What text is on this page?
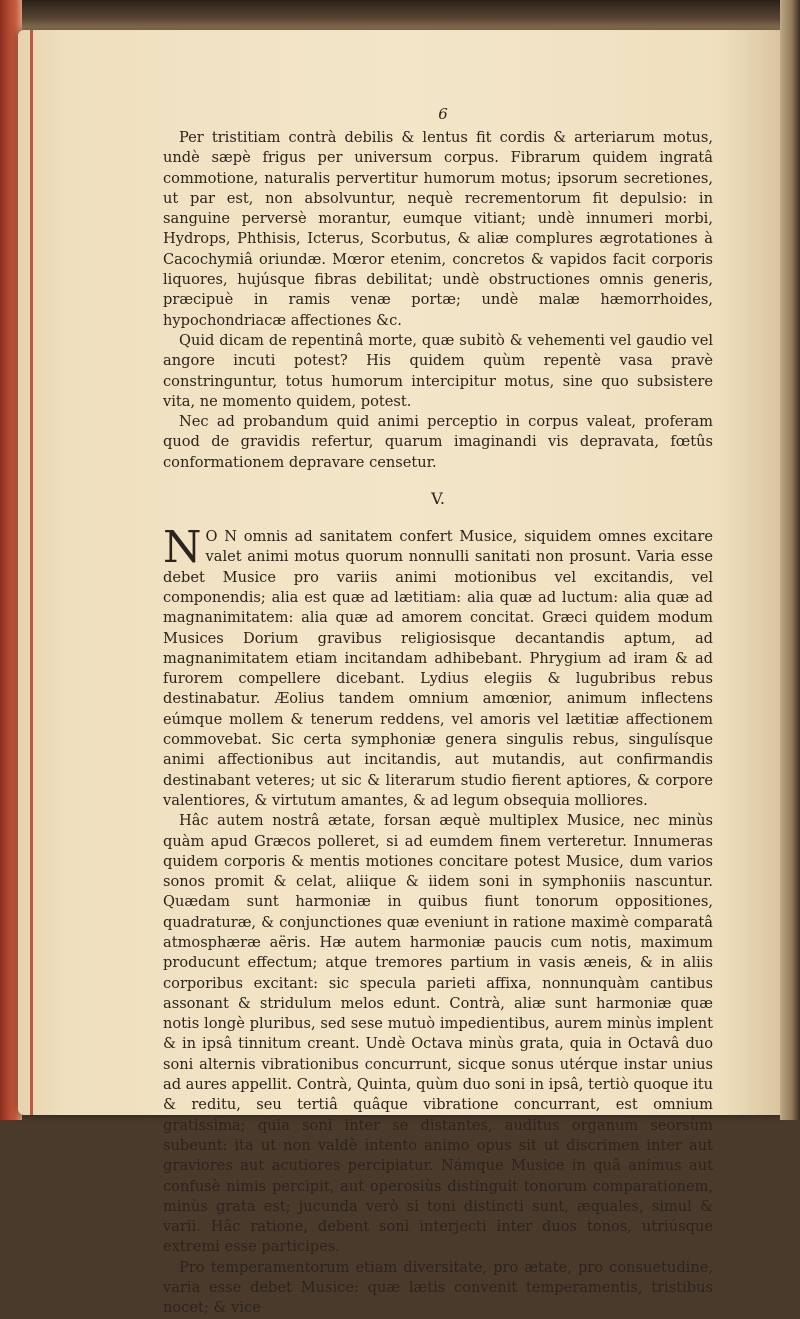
6

Per tristitiam contrà debilis & lentus fit cordis & arteriarum motus, undè sæpè frigus per universum corpus. Fibrarum quidem ingratâ commotione, naturalis pervertitur humorum motus; ipsorum secretiones, ut par est, non absolvuntur, nequè recrementorum fit depulsio: in sanguine perversè morantur, eumque vitiant; undè innumeri morbi, Hydrops, Phthisis, Icterus, Scorbutus, & aliæ complures ægrotationes à Cacochymiâ oriundæ. Mœror etenim, concretos & vapidos facit corporis liquores, hujúsque fibras debilitat; undè obstructiones omnis generis, præcipuè in ramis venæ portæ; undè malæ hæmorrhoides, hypochondriacæ affectiones &c.

Quid dicam de repentinâ morte, quæ subitò & vehementi vel gaudio vel angore incuti potest? His quidem quùm repentè vasa pravè constringuntur, totus humorum intercipitur motus, sine quo subsistere vita, ne momento quidem, potest.

Nec ad probandum quid animi perceptio in corpus valeat, proferam quod de gravidis refertur, quarum imaginandi vis depravata, fœtûs conformationem depravare censetur.

V.

N O N omnis ad sanitatem confert Musice, siquidem omnes excitare valet animi motus quorum nonnulli sanitati non prosunt. Varia esse debet Musice pro variis animi motionibus vel excitandis, vel componendis; alia est quæ ad lætitiam: alia quæ ad luctum: alia quæ ad magnanimitatem: alia quæ ad amorem concitat. Græci quidem modum Musices Dorium gravibus religiosisque decantandis aptum, ad magnanimitatem etiam incitandam adhibebant. Phrygium ad iram & ad furorem compellere dicebant. Lydius elegiis & lugubribus rebus destinabatur. Æolius tandem omnium amœnior, animum inflectens eúmque mollem & tenerum reddens, vel amoris vel lætitiæ affectionem commovebat. Sic certa symphoniæ genera singulis rebus, singulísque animi affectionibus aut incitandis, aut mutandis, aut confirmandis destinabant veteres; ut sic & literarum studio fierent aptiores, & corpore valentiores, & virtutum amantes, & ad legum obsequia molliores.

Hâc autem nostrâ ætate, forsan æquè multiplex Musice, nec minùs quàm apud Græcos polleret, si ad eumdem finem verteretur. Innumeras quidem corporis & mentis motiones concitare potest Musice, dum varios sonos promit & celat, aliique & iidem soni in symphoniis nascuntur. Quædam sunt harmoniæ in quibus fiunt tonorum oppositiones, quadraturæ, & conjunctiones quæ eveniunt in ratione maximè comparatâ atmosphæræ aëris. Hæ autem harmoniæ paucis cum notis, maximum producunt effectum; atque tremores partium in vasis æneis, & in aliis corporibus excitant: sic specula parieti affixa, nonnunquàm cantibus assonant & stridulum melos edunt. Contrà, aliæ sunt harmoniæ quæ notis longè pluribus, sed sese mutuò impedientibus, aurem minùs implent & in ipsâ tinnitum creant. Undè Octava minùs grata, quia in Octavâ duo soni alternis vibrationibus concurrunt, sicque sonus utérque instar unius ad aures appellit. Contrà, Quinta, quùm duo soni in ipsâ, tertiò quoque itu & reditu, seu tertiâ quâque vibratione concurrant, est omnium gratissima; quia soni inter se distantes, auditus organum seorsùm subeunt: ita ut non valdè intento animo opus sit ut discrimen inter aut graviores aut acutiores percipiatur. Námque Musice in quâ animus aut confusè nimis percipit, aut operosiùs distinguit tonorum comparationem, minùs grata est; jucunda verò si toni distincti sunt, æquales, simul & varii. Hâc ratione, debent soni interjecti inter duos tonos, utriúsque extremi esse participes.

Pro temperamentorum etiam diversitate, pro ætate, pro consuetudine, varia esse debet Musice: quæ lætis convenit temperamentis, tristibus nocet; & vice
